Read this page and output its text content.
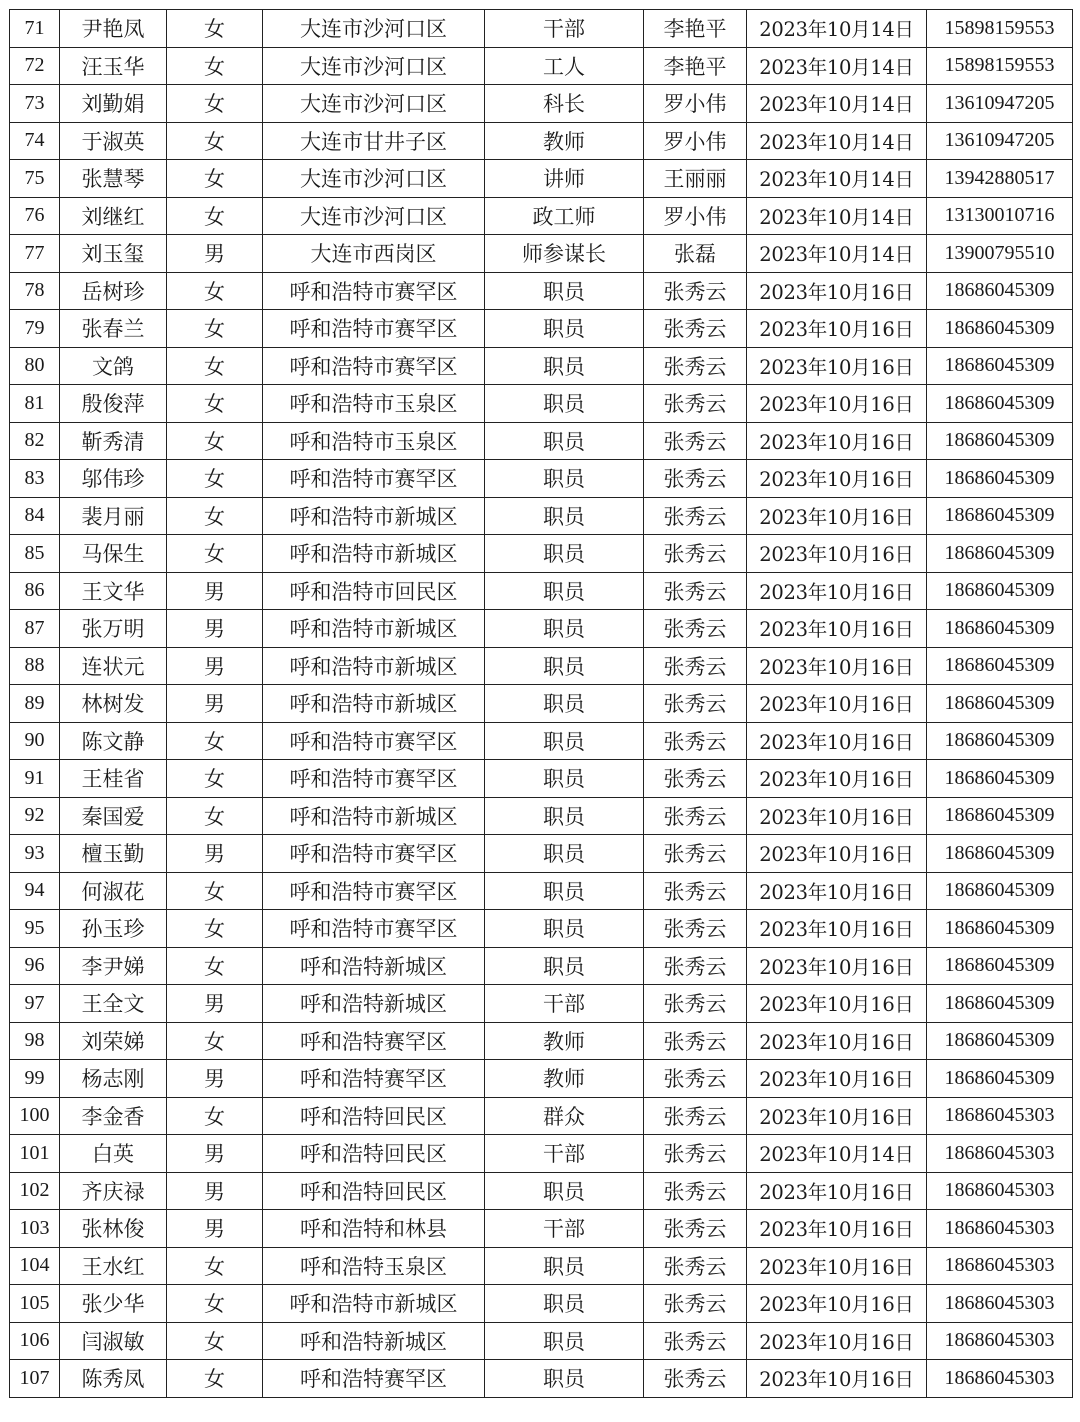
71	尹艳凤	女	大连市沙河口区	干部	李艳平	2023年10月14日	15898159553
72	汪玉华	女	大连市沙河口区	工人	李艳平	2023年10月14日	15898159553
73	刘勤娟	女	大连市沙河口区	科长	罗小伟	2023年10月14日	13610947205
74	于淑英	女	大连市甘井子区	教师	罗小伟	2023年10月14日	13610947205
75	张慧琴	女	大连市沙河口区	讲师	王丽丽	2023年10月14日	13942880517
76	刘继红	女	大连市沙河口区	政工师	罗小伟	2023年10月14日	13130010716
77	刘玉玺	男	大连市西岗区	师参谋长	张磊	2023年10月14日	13900795510
78	岳树珍	女	呼和浩特市赛罕区	职员	张秀云	2023年10月16日	18686045309
79	张春兰	女	呼和浩特市赛罕区	职员	张秀云	2023年10月16日	18686045309
80	文鸽	女	呼和浩特市赛罕区	职员	张秀云	2023年10月16日	18686045309
81	殷俊萍	女	呼和浩特市玉泉区	职员	张秀云	2023年10月16日	18686045309
82	靳秀清	女	呼和浩特市玉泉区	职员	张秀云	2023年10月16日	18686045309
83	邬伟珍	女	呼和浩特市赛罕区	职员	张秀云	2023年10月16日	18686045309
84	裴月丽	女	呼和浩特市新城区	职员	张秀云	2023年10月16日	18686045309
85	马保生	女	呼和浩特市新城区	职员	张秀云	2023年10月16日	18686045309
86	王文华	男	呼和浩特市回民区	职员	张秀云	2023年10月16日	18686045309
87	张万明	男	呼和浩特市新城区	职员	张秀云	2023年10月16日	18686045309
88	连状元	男	呼和浩特市新城区	职员	张秀云	2023年10月16日	18686045309
89	林树发	男	呼和浩特市新城区	职员	张秀云	2023年10月16日	18686045309
90	陈文静	女	呼和浩特市赛罕区	职员	张秀云	2023年10月16日	18686045309
91	王桂省	女	呼和浩特市赛罕区	职员	张秀云	2023年10月16日	18686045309
92	秦国爱	女	呼和浩特市新城区	职员	张秀云	2023年10月16日	18686045309
93	檀玉勤	男	呼和浩特市赛罕区	职员	张秀云	2023年10月16日	18686045309
94	何淑花	女	呼和浩特市赛罕区	职员	张秀云	2023年10月16日	18686045309
95	孙玉珍	女	呼和浩特市赛罕区	职员	张秀云	2023年10月16日	18686045309
96	李尹娣	女	呼和浩特新城区	职员	张秀云	2023年10月16日	18686045309
97	王全文	男	呼和浩特新城区	干部	张秀云	2023年10月16日	18686045309
98	刘荣娣	女	呼和浩特赛罕区	教师	张秀云	2023年10月16日	18686045309
99	杨志刚	男	呼和浩特赛罕区	教师	张秀云	2023年10月16日	18686045309
100	李金香	女	呼和浩特回民区	群众	张秀云	2023年10月16日	18686045303
101	白英	男	呼和浩特回民区	干部	张秀云	2023年10月14日	18686045303
102	齐庆禄	男	呼和浩特回民区	职员	张秀云	2023年10月16日	18686045303
103	张林俊	男	呼和浩特和林县	干部	张秀云	2023年10月16日	18686045303
104	王水红	女	呼和浩特玉泉区	职员	张秀云	2023年10月16日	18686045303
105	张少华	女	呼和浩特市新城区	职员	张秀云	2023年10月16日	18686045303
106	闫淑敏	女	呼和浩特新城区	职员	张秀云	2023年10月16日	18686045303
107	陈秀凤	女	呼和浩特赛罕区	职员	张秀云	2023年10月16日	18686045303
